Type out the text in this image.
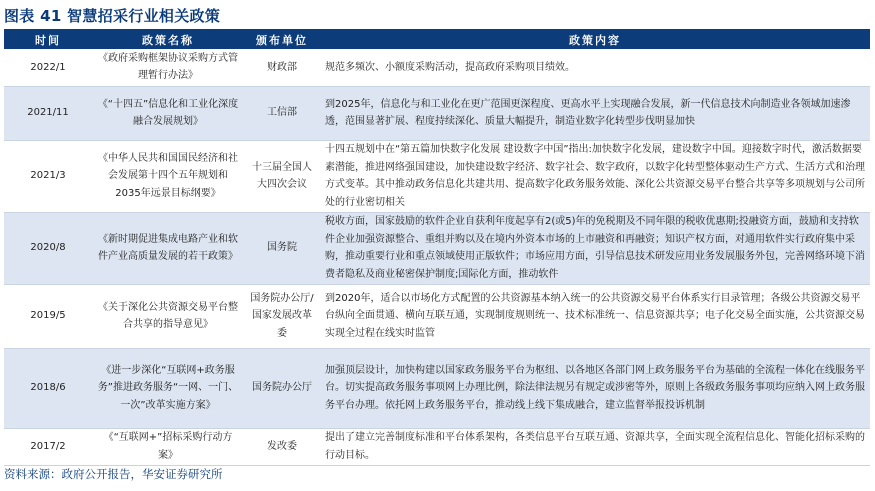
图表 41 智慧招采行业相关政策
时间	政策名称	颁布单位	政策内容
2022/1	《政府采购框架协议采购方式管理暂行办法》	财政部	规范多频次、小额度采购活动，提高政府采购项目绩效。
2021/11	《“十四五”信息化和工业化深度融合发展规划》	工信部	到2025年，信息化与和工业化在更广范围更深程度、更高水平上实现融合发展，新一代信息技术向制造业各领域加速渗透，范围显著扩展、程度持续深化、质量大幅提升，制造业数字化转型步伐明显加快
2021/3	《中华人民共和国国民经济和社会发展第十四个五年规划和2035年远景目标纲要》	十三届全国人大四次会议	十四五规划中在“第五篇加快数字化发展 建设数字中国”指出:加快数字化发展，建设数字中国。迎接数字时代，激活数据要素潜能，推进网络强国建设，加快建设数字经济、数字社会、数字政府，以数字化转型整体驱动生产方式、生活方式和治理方式变革。其中推动政务信息化共建共用、提高数字化政务服务效能、深化公共资源交易平台整合共享等多项规划与公司所处的行业密切相关
2020/8	《新时期促进集成电路产业和软件产业高质量发展的若干政策》	国务院	税收方面，国家鼓励的软件企业自获利年度起享有2(或5)年的免税期及不同年限的税收优惠期;投融资方面，鼓励和支持软件企业加强资源整合、重组并购以及在境内外资本市场的上市融资和再融资；知识产权方面，对通用软件实行政府集中采购，推动重要行业和重点领域使用正版软件；市场应用方面，引导信息技术研发应用业务发展服务外包，完善网络环境下消费者隐私及商业秘密保护制度;国际化方面，推动软件
2019/5	《关于深化公共资源交易平台整合共享的指导意见》	国务院办公厅/国家发展改革委	到2020年，适合以市场化方式配置的公共资源基本纳入统一的公共资源交易平台体系实行目录管理；各级公共资源交易平台纵向全面贯通、横向互联互通，实现制度规则统一、技术标准统一、信息资源共享；电子化交易全面实施，公共资源交易实现全过程在线实时监管
2018/6	《进一步深化“互联网+政务服务”推进政务服务“一网、一门、一次”改革实施方案》	国务院办公厅	加强顶层设计，加快构建以国家政务服务平台为枢纽、以各地区各部门网上政务服务平台为基础的全流程一体化在线服务平台。切实提高政务服务事项网上办理比例，除法律法规另有规定或涉密等外，原则上各级政务服务事项均应纳入网上政务服务平台办理。依托网上政务服务平台，推动线上线下集成融合，建立监督举报投诉机制
2017/2	《“互联网+”招标采购行动方案》	发改委	提出了建立完善制度标准和平台体系架构，各类信息平台互联互通、资源共享，全面实现全流程信息化、智能化招标采购的行动目标。
资料来源：政府公开报告，华安证券研究所
